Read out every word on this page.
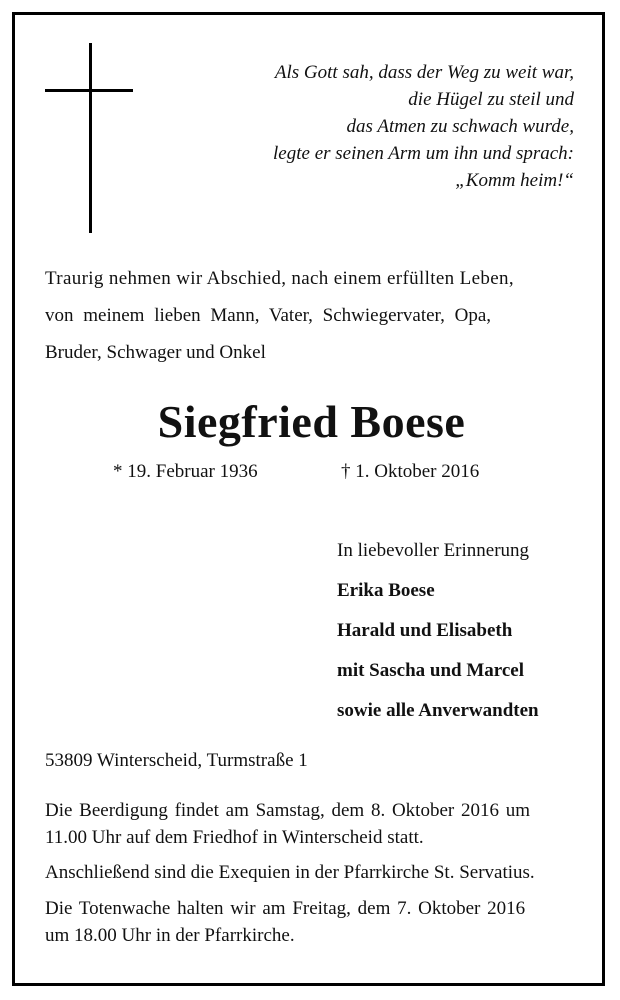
Als Gott sah, dass der Weg zu weit war,
die Hügel zu steil und
das Atmen zu schwach wurde,
legte er seinen Arm um ihn und sprach:
„Komm heim!“
Traurig nehmen wir Abschied, nach einem erfüllten Leben,
von meinem lieben Mann, Vater, Schwiegervater, Opa,
Bruder, Schwager und Onkel
Siegfried Boese
* 19. Februar 1936	† 1. Oktober 2016
In liebevoller Erinnerung
Erika Boese
Harald und Elisabeth
mit Sascha und Marcel
sowie alle Anverwandten
53809 Winterscheid, Turmstraße 1
Die Beerdigung findet am Samstag, dem 8. Oktober 2016 um
11.00 Uhr auf dem Friedhof in Winterscheid statt.
Anschließend sind die Exequien in der Pfarrkirche St. Servatius.
Die Totenwache halten wir am Freitag, dem 7. Oktober 2016
um 18.00 Uhr in der Pfarrkirche.
